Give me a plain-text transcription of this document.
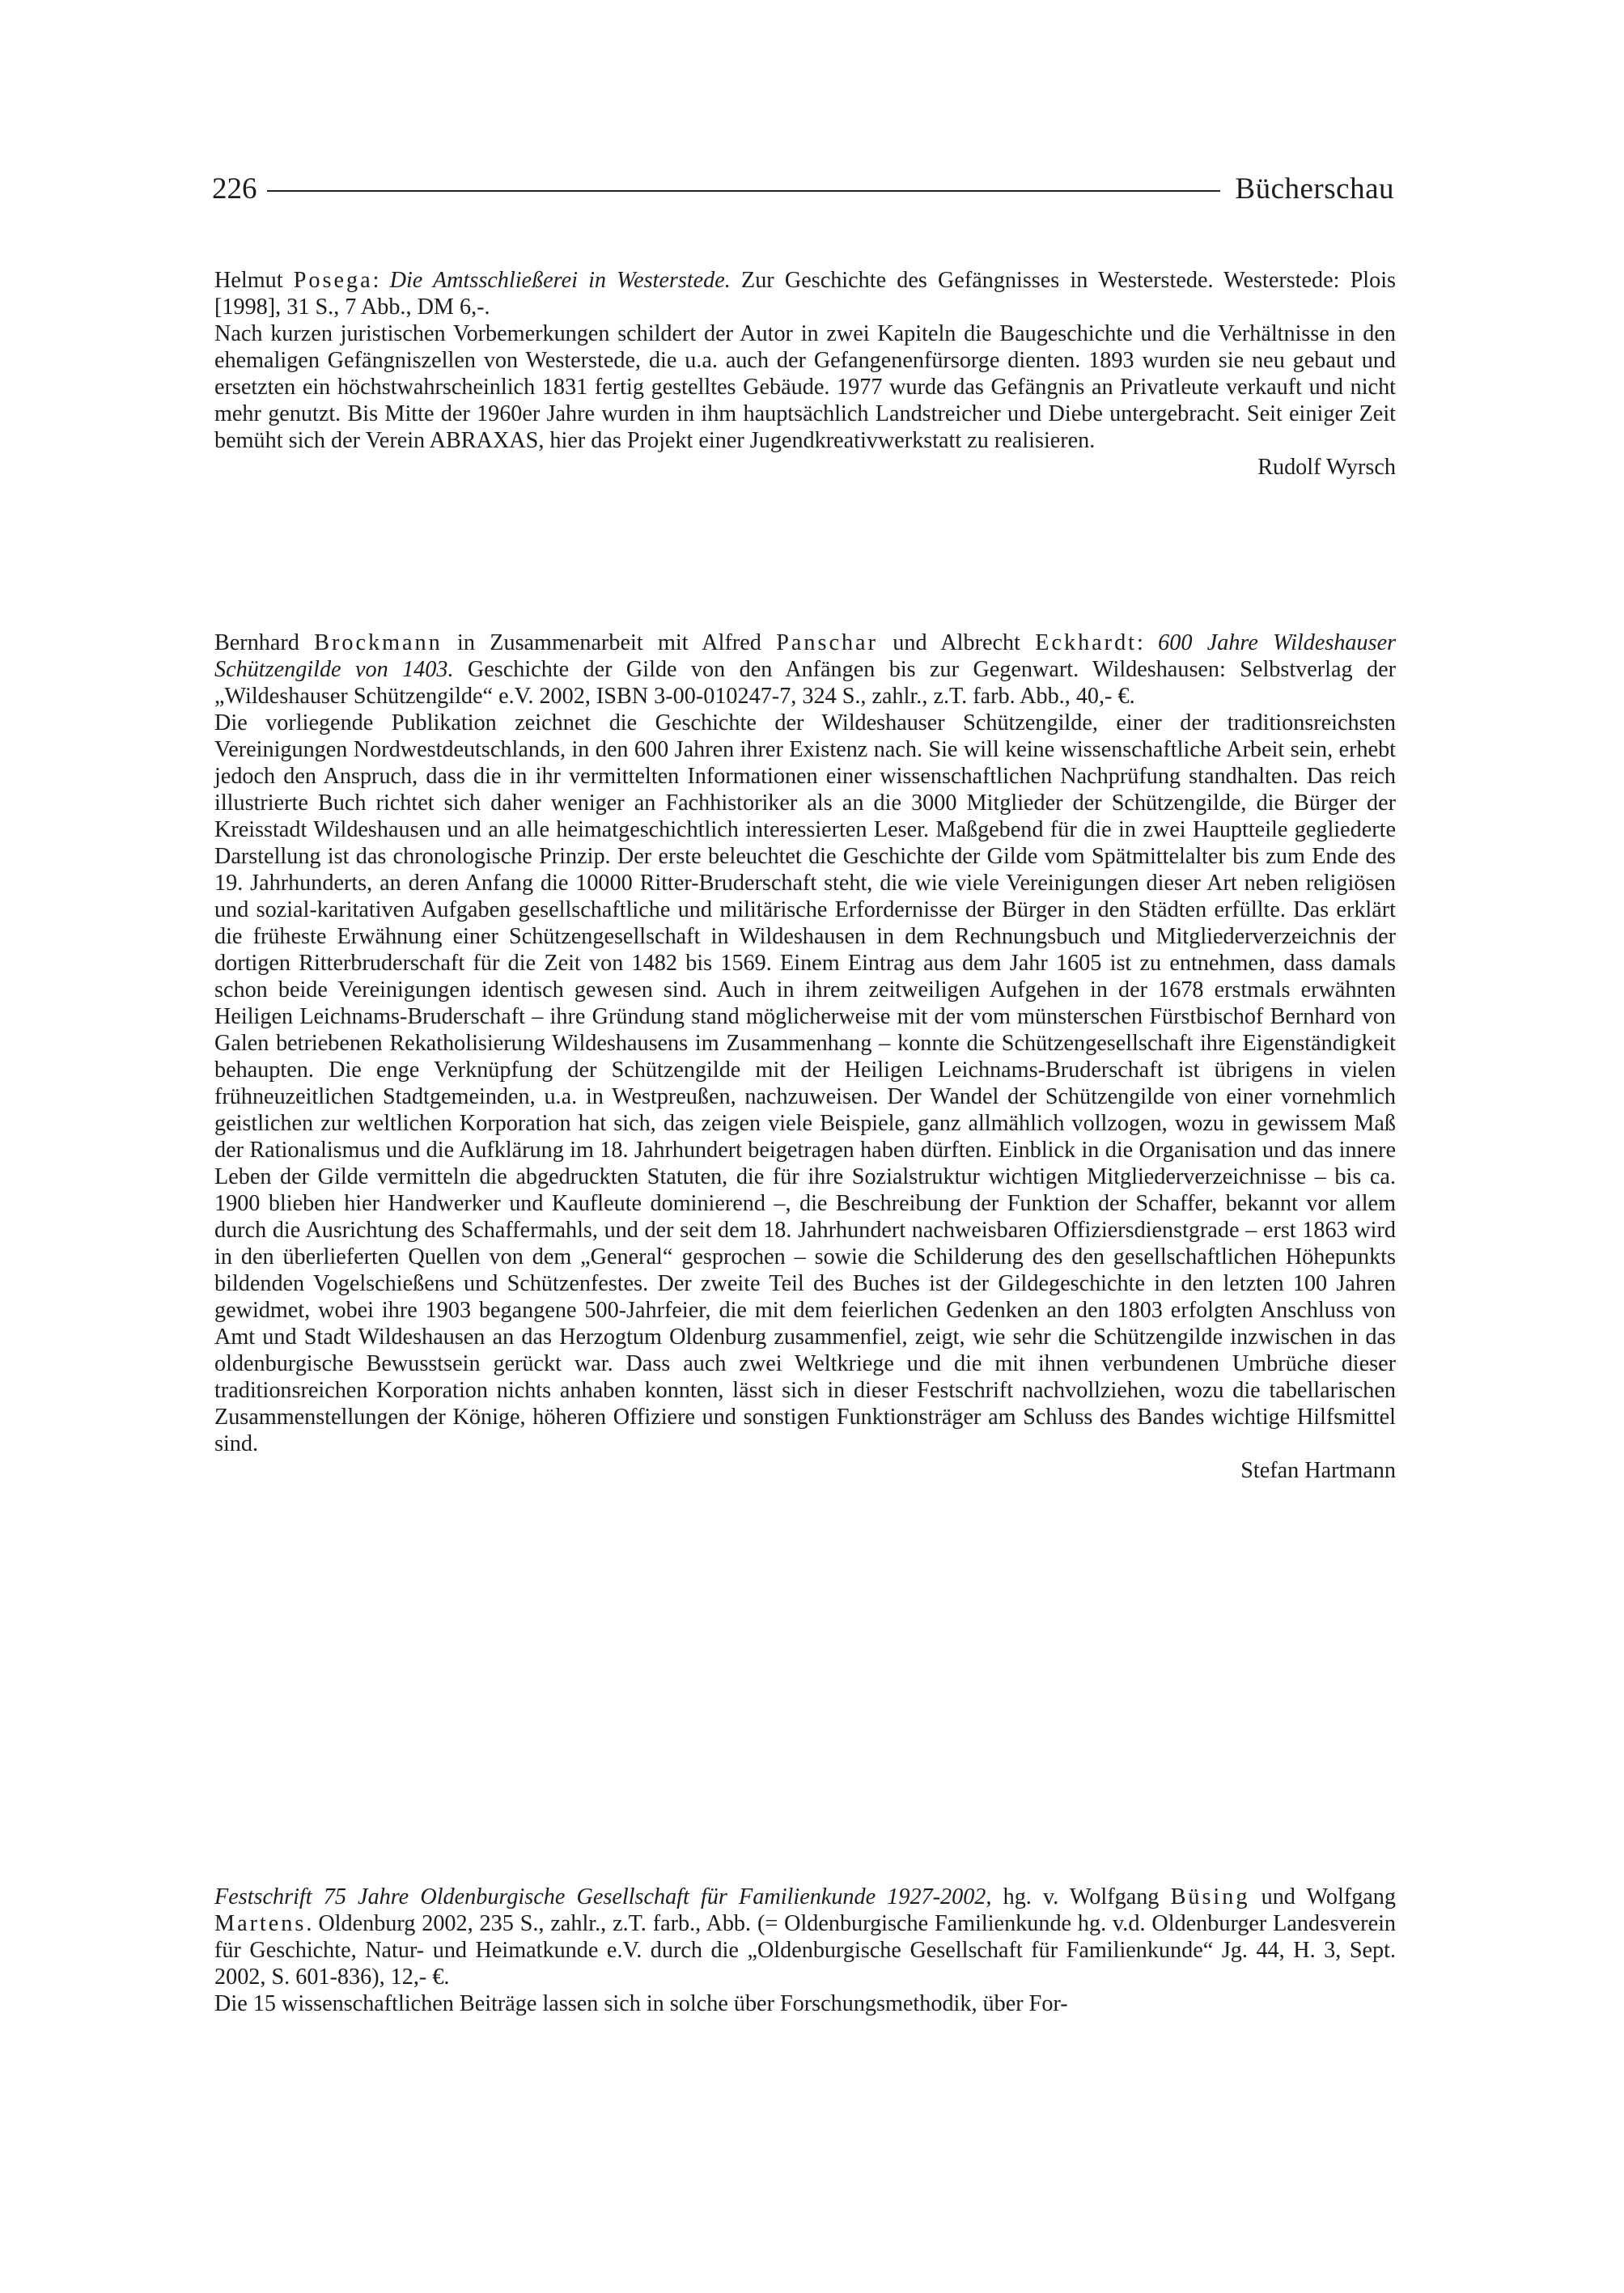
226	Bücherschau

Helmut Posega: Die Amtsschließerei in Westerstede. Zur Geschichte des Gefängnisses in Westerstede. Westerstede: Plois [1998], 31 S., 7 Abb., DM 6,-.

Nach kurzen juristischen Vorbemerkungen schildert der Autor in zwei Kapiteln die Baugeschichte und die Verhältnisse in den ehemaligen Gefängniszellen von Westerstede, die u.a. auch der Gefangenenfürsorge dienten. 1893 wurden sie neu gebaut und ersetzten ein höchstwahrscheinlich 1831 fertig gestelltes Gebäude. 1977 wurde das Gefängnis an Privatleute verkauft und nicht mehr genutzt. Bis Mitte der 1960er Jahre wurden in ihm hauptsächlich Landstreicher und Diebe untergebracht. Seit einiger Zeit bemüht sich der Verein ABRAXAS, hier das Projekt einer Jugendkreativwerkstatt zu realisieren.

Rudolf Wyrsch

Bernhard Brockmann in Zusammenarbeit mit Alfred Panschar und Albrecht Eckhardt: 600 Jahre Wildeshauser Schützengilde von 1403. Geschichte der Gilde von den Anfängen bis zur Gegenwart. Wildeshausen: Selbstverlag der „Wildeshauser Schützengilde“ e.V. 2002, ISBN 3-00-010247-7, 324 S., zahlr., z.T. farb. Abb., 40,- €.

Die vorliegende Publikation zeichnet die Geschichte der Wildeshauser Schützengilde, einer der traditionsreichsten Vereinigungen Nordwestdeutschlands, in den 600 Jahren ihrer Existenz nach. Sie will keine wissenschaftliche Arbeit sein, erhebt jedoch den Anspruch, dass die in ihr vermittelten Informationen einer wissenschaftlichen Nachprüfung standhalten. Das reich illustrierte Buch richtet sich daher weniger an Fachhistoriker als an die 3000 Mitglieder der Schützengilde, die Bürger der Kreisstadt Wildeshausen und an alle heimatgeschichtlich interessierten Leser. Maßgebend für die in zwei Hauptteile gegliederte Darstellung ist das chronologische Prinzip. Der erste beleuchtet die Geschichte der Gilde vom Spätmittelalter bis zum Ende des 19. Jahrhunderts, an deren Anfang die 10000 Ritter-Bruderschaft steht, die wie viele Vereinigungen dieser Art neben religiösen und sozial-karitativen Aufgaben gesellschaftliche und militärische Erfordernisse der Bürger in den Städten erfüllte. Das erklärt die früheste Erwähnung einer Schützengesellschaft in Wildeshausen in dem Rechnungsbuch und Mitgliederverzeichnis der dortigen Ritterbruderschaft für die Zeit von 1482 bis 1569. Einem Eintrag aus dem Jahr 1605 ist zu entnehmen, dass damals schon beide Vereinigungen identisch gewesen sind. Auch in ihrem zeitweiligen Aufgehen in der 1678 erstmals erwähnten Heiligen Leichnams-Bruderschaft – ihre Gründung stand möglicherweise mit der vom münsterschen Fürstbischof Bernhard von Galen betriebenen Rekatholisierung Wildeshausens im Zusammenhang – konnte die Schützengesellschaft ihre Eigenständigkeit behaupten. Die enge Verknüpfung der Schützengilde mit der Heiligen Leichnams-Bruderschaft ist übrigens in vielen frühneuzeitlichen Stadtgemeinden, u.a. in Westpreußen, nachzuweisen. Der Wandel der Schützengilde von einer vornehmlich geistlichen zur weltlichen Korporation hat sich, das zeigen viele Beispiele, ganz allmählich vollzogen, wozu in gewissem Maß der Rationalismus und die Aufklärung im 18. Jahrhundert beigetragen haben dürften. Einblick in die Organisation und das innere Leben der Gilde vermitteln die abgedruckten Statuten, die für ihre Sozialstruktur wichtigen Mitgliederverzeichnisse – bis ca. 1900 blieben hier Handwerker und Kaufleute dominierend –, die Beschreibung der Funktion der Schaffer, bekannt vor allem durch die Ausrichtung des Schaffermahls, und der seit dem 18. Jahrhundert nachweisbaren Offiziersdienstgrade – erst 1863 wird in den überlieferten Quellen von dem „General“ gesprochen – sowie die Schilderung des den gesellschaftlichen Höhepunkts bildenden Vogelschießens und Schützenfestes. Der zweite Teil des Buches ist der Gildegeschichte in den letzten 100 Jahren gewidmet, wobei ihre 1903 begangene 500-Jahrfeier, die mit dem feierlichen Gedenken an den 1803 erfolgten Anschluss von Amt und Stadt Wildeshausen an das Herzogtum Oldenburg zusammenfiel, zeigt, wie sehr die Schützengilde inzwischen in das oldenburgische Bewusstsein gerückt war. Dass auch zwei Weltkriege und die mit ihnen verbundenen Umbrüche dieser traditionsreichen Korporation nichts anhaben konnten, lässt sich in dieser Festschrift nachvollziehen, wozu die tabellarischen Zusammenstellungen der Könige, höheren Offiziere und sonstigen Funktionsträger am Schluss des Bandes wichtige Hilfsmittel sind.

Stefan Hartmann

Festschrift 75 Jahre Oldenburgische Gesellschaft für Familienkunde 1927-2002, hg. v. Wolfgang Büsing und Wolfgang Martens. Oldenburg 2002, 235 S., zahlr., z.T. farb., Abb. (= Oldenburgische Familienkunde hg. v.d. Oldenburger Landesverein für Geschichte, Natur- und Heimatkunde e.V. durch die „Oldenburgische Gesellschaft für Familienkunde“ Jg. 44, H. 3, Sept. 2002, S. 601-836), 12,- €.

Die 15 wissenschaftlichen Beiträge lassen sich in solche über Forschungsmethodik, über For-
